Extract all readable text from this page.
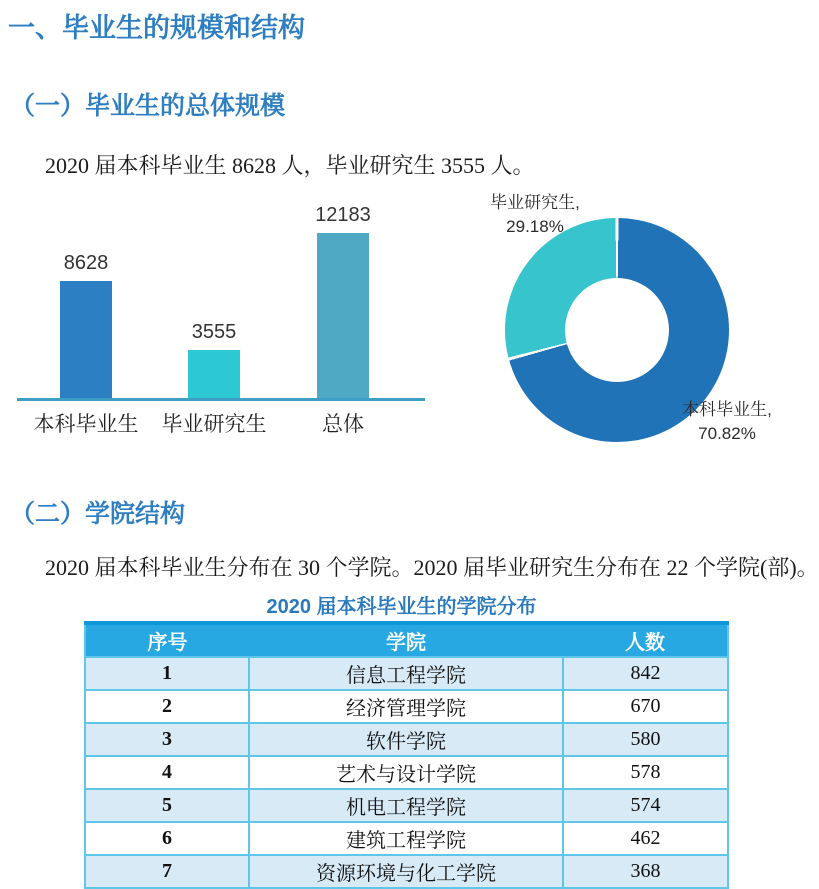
一、毕业生的规模和结构
（一）毕业生的总体规模
2020 届本科毕业生 8628 人，毕业研究生 3555 人。
8628
本科毕业生
3555
毕业研究生
12183
总体
毕业研究生,
29.18%
本科毕业生,
70.82%
（二）学院结构
2020 届本科毕业生分布在 30 个学院。2020 届毕业研究生分布在 22 个学院(部)。
2020 届本科毕业生的学院分布
序号	学院	人数
1	信息工程学院	842
2	经济管理学院	670
3	软件学院	580
4	艺术与设计学院	578
5	机电工程学院	574
6	建筑工程学院	462
7	资源环境与化工学院	368
